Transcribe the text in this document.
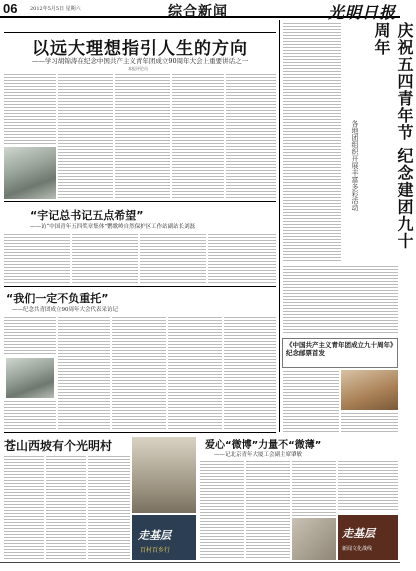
06	2012年5月5日 星期六	综合新闻	光明日报
以远大理想指引人生的方向
——学习胡锦涛在纪念中国共产主义青年团成立90周年大会上重要讲话之一
本报评论员
“宇记总书记五点希望”
——访“中国青年五四奖章集体”鹦歌岭自然保护区工作站副站长刘磊
“我们一定不负重托”
——纪念共青团成立90周年大会代表采访记
苍山西坡有个光明村
走基层
百村百乡行
爱心“微博”力量不“微薄”
——记北京青年大厦工会副主席肇敏
走基层
新闻文化战线
庆祝五四青年节 纪念建团九十周年
各地团组织开展丰富多彩活动
《中国共产主义青年团成立九十周年》纪念邮票首发
